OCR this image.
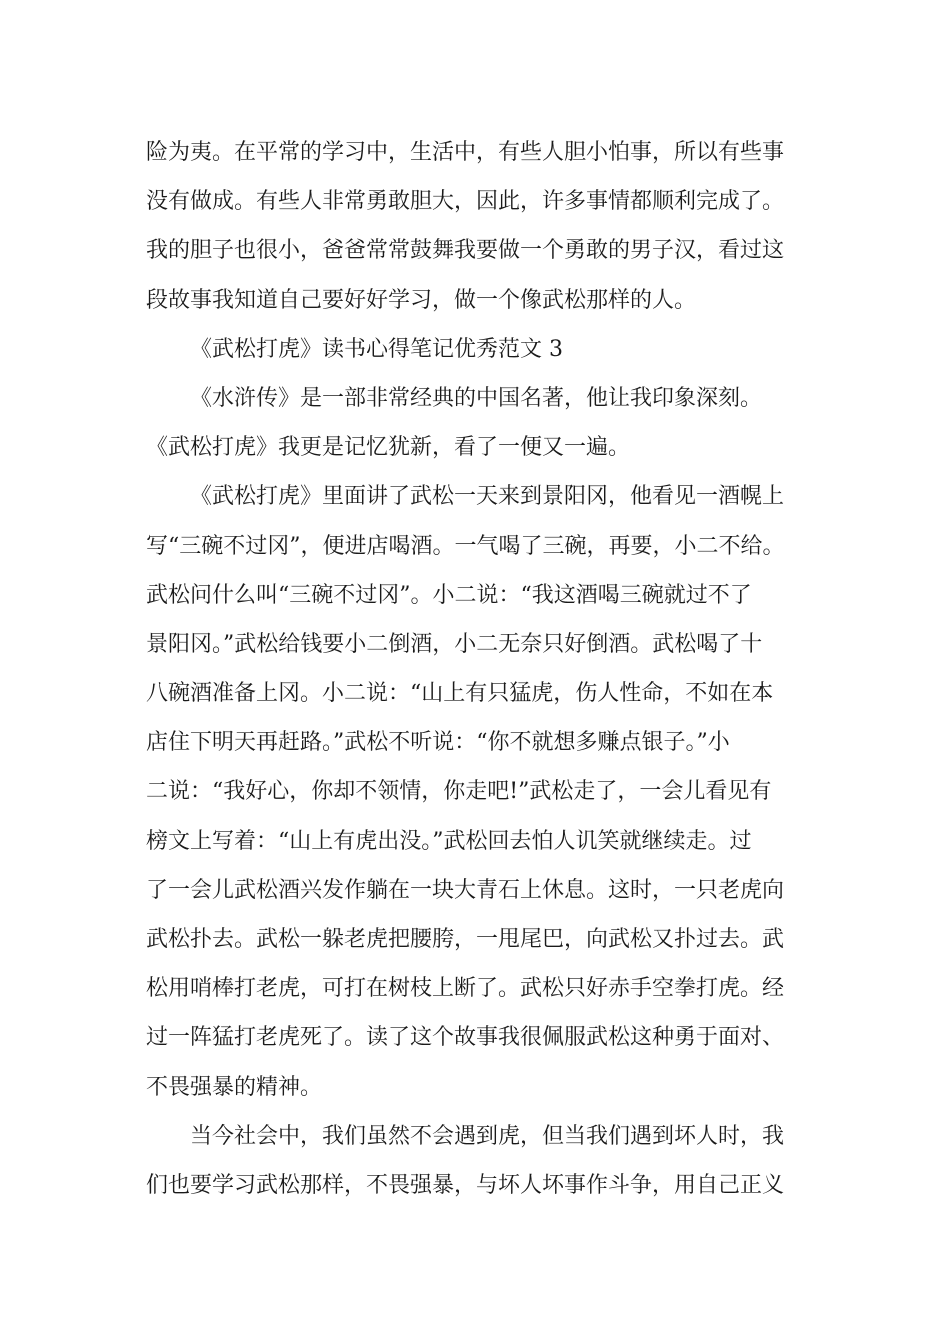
险为夷。在平常的学习中，生活中，有些人胆小怕事，所以有些事
没有做成。有些人非常勇敢胆大，因此，许多事情都顺利完成了。
我的胆子也很小，爸爸常常鼓舞我要做一个勇敢的男子汉，看过这
段故事我知道自己要好好学习，做一个像武松那样的人。
《武松打虎》读书心得笔记优秀范文 3
《水浒传》是一部非常经典的中国名著，他让我印象深刻。
《武松打虎》我更是记忆犹新，看了一便又一遍。
《武松打虎》里面讲了武松一天来到景阳冈，他看见一酒幌上
写“三碗不过冈”，便进店喝酒。一气喝了三碗，再要，小二不给。
武松问什么叫“三碗不过冈”。小二说：“我这酒喝三碗就过不了
景阳冈。”武松给钱要小二倒酒，小二无奈只好倒酒。武松喝了十
八碗酒准备上冈。小二说：“山上有只猛虎，伤人性命，不如在本
店住下明天再赶路。”武松不听说：“你不就想多赚点银子。”小
二说：“我好心，你却不领情，你走吧!”武松走了，一会儿看见有
榜文上写着：“山上有虎出没。”武松回去怕人讥笑就继续走。过
了一会儿武松酒兴发作躺在一块大青石上休息。这时，一只老虎向
武松扑去。武松一躲老虎把腰胯，一甩尾巴，向武松又扑过去。武
松用哨棒打老虎，可打在树枝上断了。武松只好赤手空拳打虎。经
过一阵猛打老虎死了。读了这个故事我很佩服武松这种勇于面对、
不畏强暴的精神。
当今社会中，我们虽然不会遇到虎，但当我们遇到坏人时，我
们也要学习武松那样，不畏强暴，与坏人坏事作斗争，用自己正义
